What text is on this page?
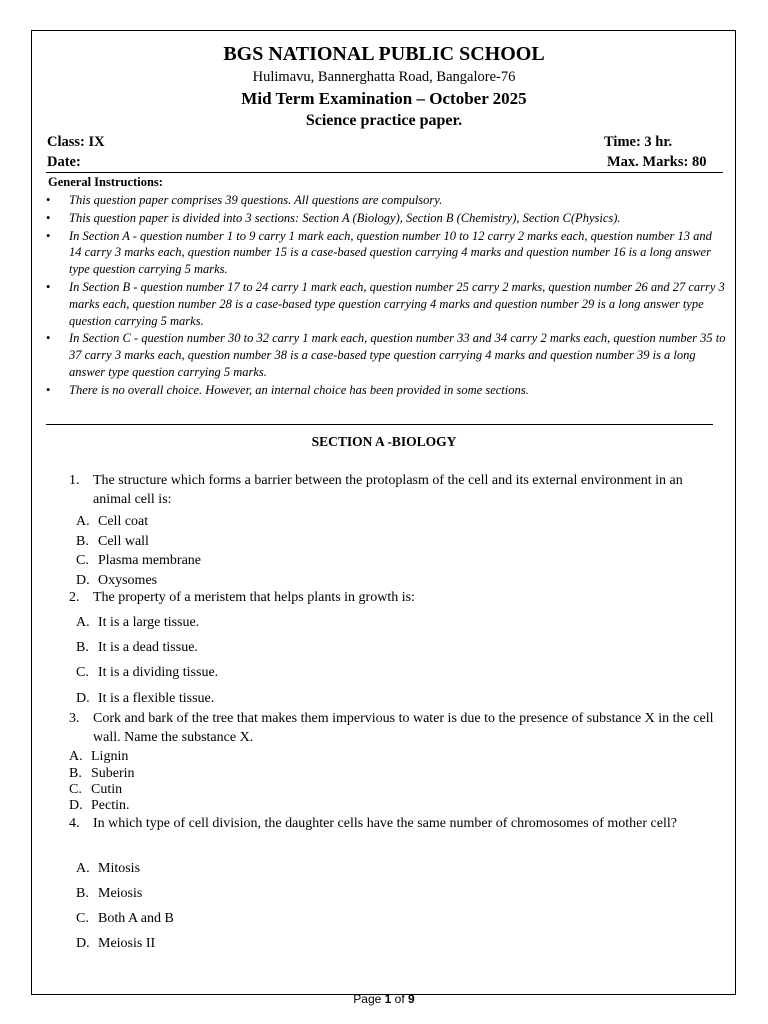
BGS NATIONAL PUBLIC SCHOOL
Hulimavu, Bannerghatta Road, Bangalore-76
Mid Term Examination – October 2025
Science practice paper.
Class: IX	Time: 3 hr.
Date:	Max. Marks: 80
General Instructions:
• This question paper comprises 39 questions. All questions are compulsory.
• This question paper is divided into 3 sections: Section A (Biology), Section B (Chemistry), Section C(Physics).
• In Section A - question number 1 to 9 carry 1 mark each, question number 10 to 12 carry 2 marks each, question number 13 and 14 carry 3 marks each, question number 15 is a case-based question carrying 4 marks and question number 16 is a long answer type question carrying 5 marks.
• In Section B - question number 17 to 24 carry 1 mark each, question number 25 carry 2 marks, question number 26 and 27 carry 3 marks each, question number 28 is a case-based type question carrying 4 marks and question number 29 is a long answer type question carrying 5 marks.
• In Section C - question number 30 to 32 carry 1 mark each, question number 33 and 34 carry 2 marks each, question number 35 to 37 carry 3 marks each, question number 38 is a case-based type question carrying 4 marks and question number 39 is a long answer type question carrying 5 marks.
• There is no overall choice. However, an internal choice has been provided in some sections.
SECTION A -BIOLOGY
1. The structure which forms a barrier between the protoplasm of the cell and its external environment in an animal cell is:
A. Cell coat
B. Cell wall
C. Plasma membrane
D. Oxysomes
2. The property of a meristem that helps plants in growth is:
A. It is a large tissue.
B. It is a dead tissue.
C. It is a dividing tissue.
D. It is a flexible tissue.
3. Cork and bark of the tree that makes them impervious to water is due to the presence of substance X in the cell wall. Name the substance X.
A. Lignin
B. Suberin
C. Cutin
D. Pectin.
4. In which type of cell division, the daughter cells have the same number of chromosomes of mother cell?
A. Mitosis
B. Meiosis
C. Both A and B
D. Meiosis II
Page 1 of 9
